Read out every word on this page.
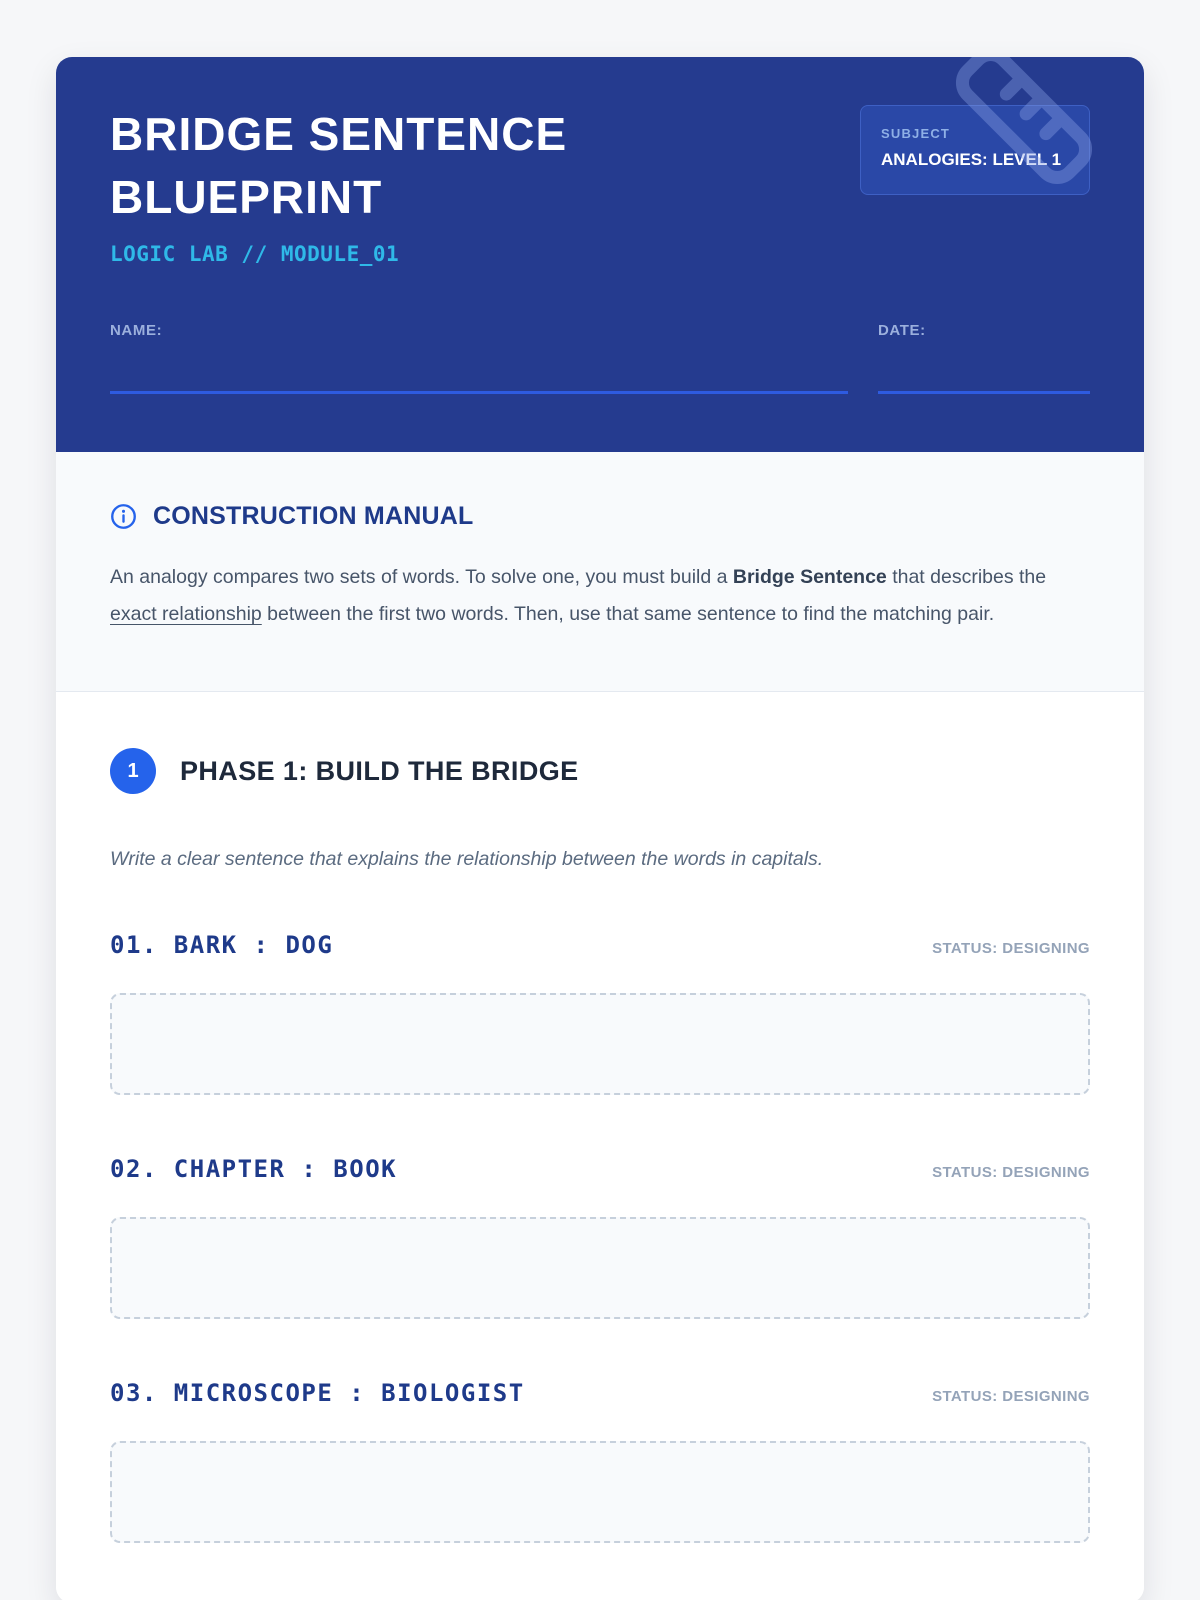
BRIDGE SENTENCE
BLUEPRINT
LOGIC LAB // MODULE_01
SUBJECT
ANALOGIES: LEVEL 1
NAME:	DATE:
CONSTRUCTION MANUAL

An analogy compares two sets of words. To solve one, you must build a Bridge Sentence that describes the exact relationship between the first two words. Then, use that same sentence to find the matching pair.

1	PHASE 1: BUILD THE BRIDGE
Write a clear sentence that explains the relationship between the words in capitals.
01. BARK : DOG	STATUS: DESIGNING
02. CHAPTER : BOOK	STATUS: DESIGNING
03. MICROSCOPE : BIOLOGIST	STATUS: DESIGNING
